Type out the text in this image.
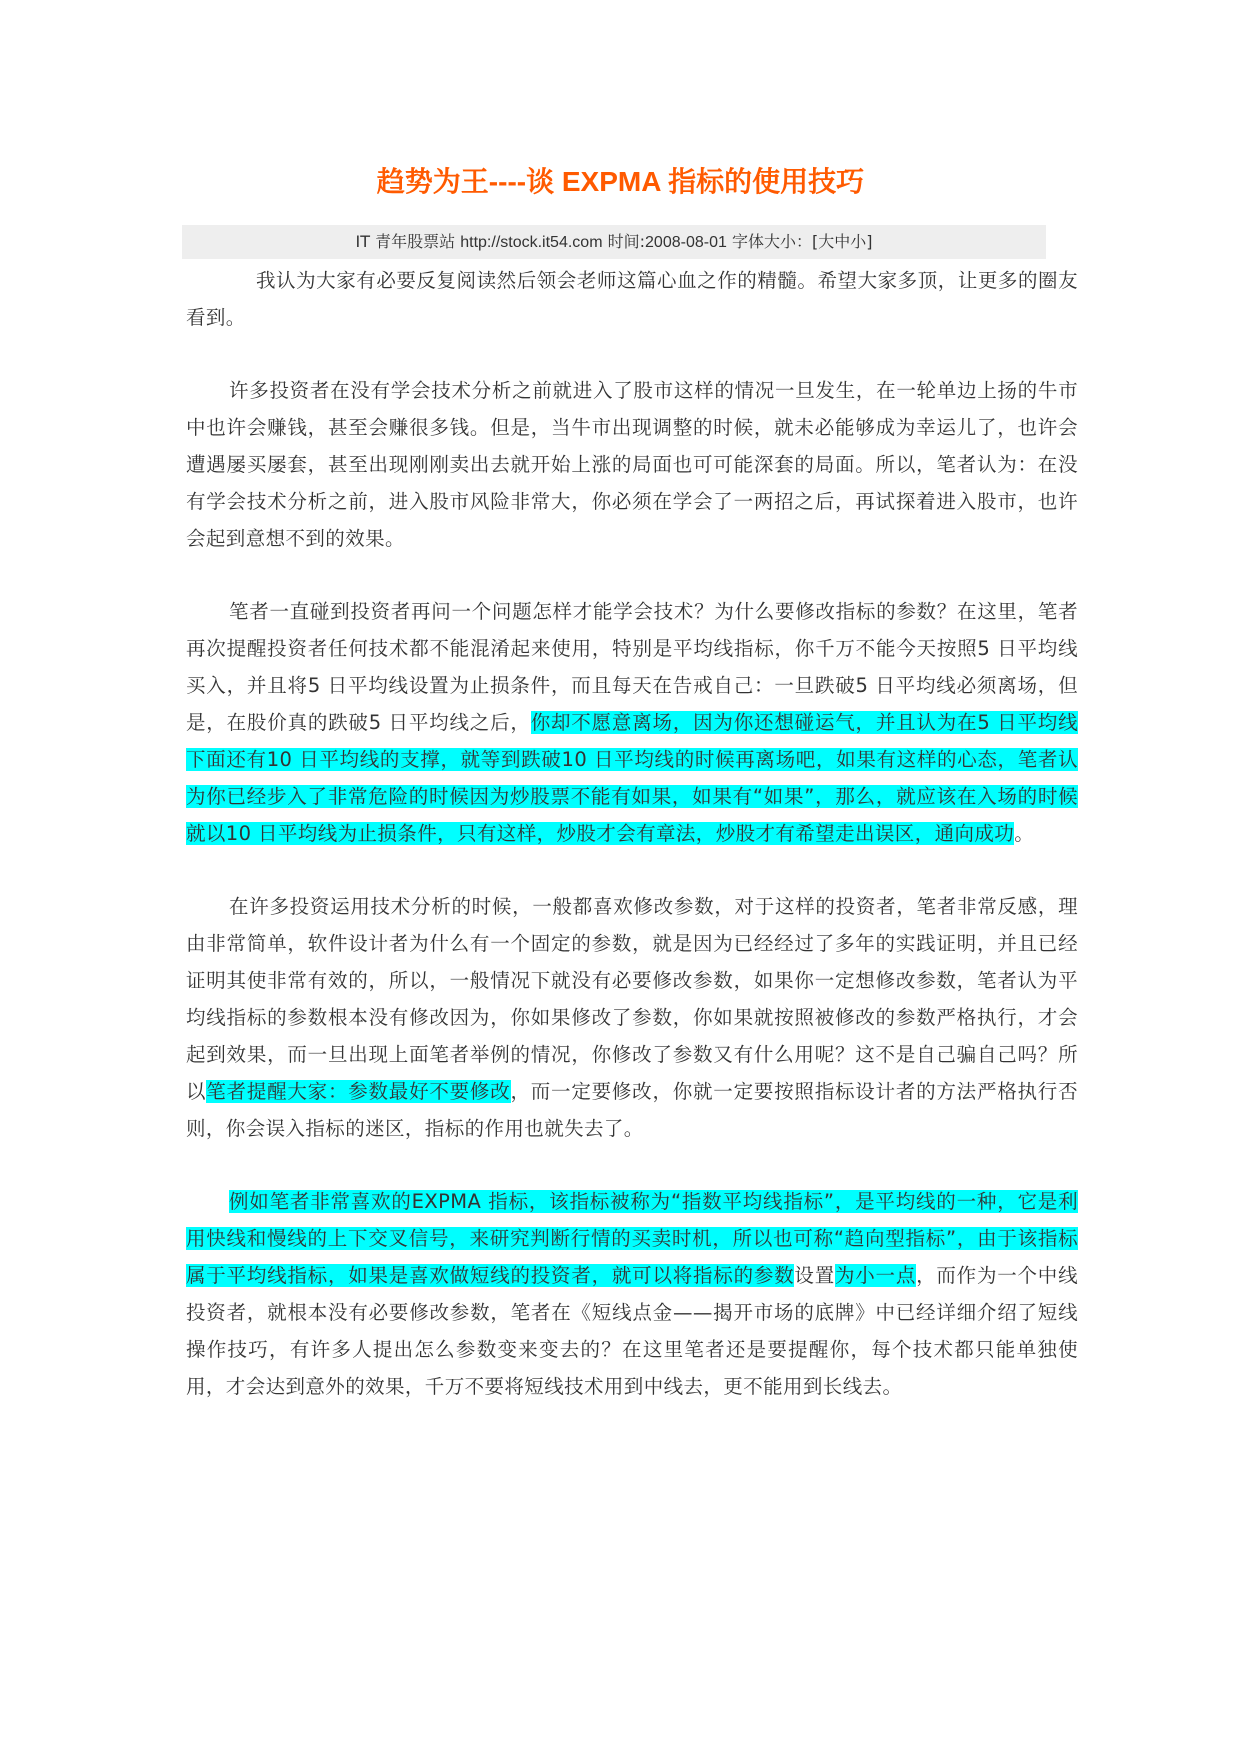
趋势为王----谈 EXPMA 指标的使用技巧
IT 青年股票站 http://stock.it54.com 时间:2008-08-01 字体大小：[大中小]

我认为大家有必要反复阅读然后领会老师这篇心血之作的精髓。希望大家多顶，让更多的圈友看到。

许多投资者在没有学会技术分析之前就进入了股市这样的情况一旦发生，在一轮单边上扬的牛市中也许会赚钱，甚至会赚很多钱。但是，当牛市出现调整的时候，就未必能够成为幸运儿了，也许会遭遇屡买屡套，甚至出现刚刚卖出去就开始上涨的局面也可可能深套的局面。所以，笔者认为：在没有学会技术分析之前，进入股市风险非常大，你必须在学会了一两招之后，再试探着进入股市，也许会起到意想不到的效果。

笔者一直碰到投资者再问一个问题怎样才能学会技术？为什么要修改指标的参数？在这里，笔者再次提醒投资者任何技术都不能混淆起来使用，特别是平均线指标，你千万不能今天按照5 日平均线买入，并且将5 日平均线设置为止损条件，而且每天在告戒自己：一旦跌破5 日平均线必须离场，但是，在股价真的跌破5 日平均线之后，你却不愿意离场，因为你还想碰运气，并且认为在5 日平均线下面还有10 日平均线的支撑，就等到跌破10 日平均线的时候再离场吧，如果有这样的心态，笔者认为你已经步入了非常危险的时候因为炒股票不能有如果，如果有“如果”，那么，就应该在入场的时候就以10 日平均线为止损条件，只有这样，炒股才会有章法，炒股才有希望走出误区，通向成功。

在许多投资运用技术分析的时候，一般都喜欢修改参数，对于这样的投资者，笔者非常反感，理由非常简单，软件设计者为什么有一个固定的参数，就是因为已经经过了多年的实践证明，并且已经证明其使非常有效的，所以，一般情况下就没有必要修改参数，如果你一定想修改参数，笔者认为平均线指标的参数根本没有修改因为，你如果修改了参数，你如果就按照被修改的参数严格执行，才会起到效果，而一旦出现上面笔者举例的情况，你修改了参数又有什么用呢？这不是自己骗自己吗？所以笔者提醒大家：参数最好不要修改，而一定要修改，你就一定要按照指标设计者的方法严格执行否则，你会误入指标的迷区，指标的作用也就失去了。

例如笔者非常喜欢的EXPMA 指标，该指标被称为“指数平均线指标”，是平均线的一种，它是利用快线和慢线的上下交叉信号，来研究判断行情的买卖时机，所以也可称“趋向型指标”，由于该指标属于平均线指标，如果是喜欢做短线的投资者，就可以将指标的参数设置为小一点，而作为一个中线投资者，就根本没有必要修改参数，笔者在《短线点金——揭开市场的底牌》中已经详细介绍了短线操作技巧，有许多人提出怎么参数变来变去的？在这里笔者还是要提醒你，每个技术都只能单独使用，才会达到意外的效果，千万不要将短线技术用到中线去，更不能用到长线去。
